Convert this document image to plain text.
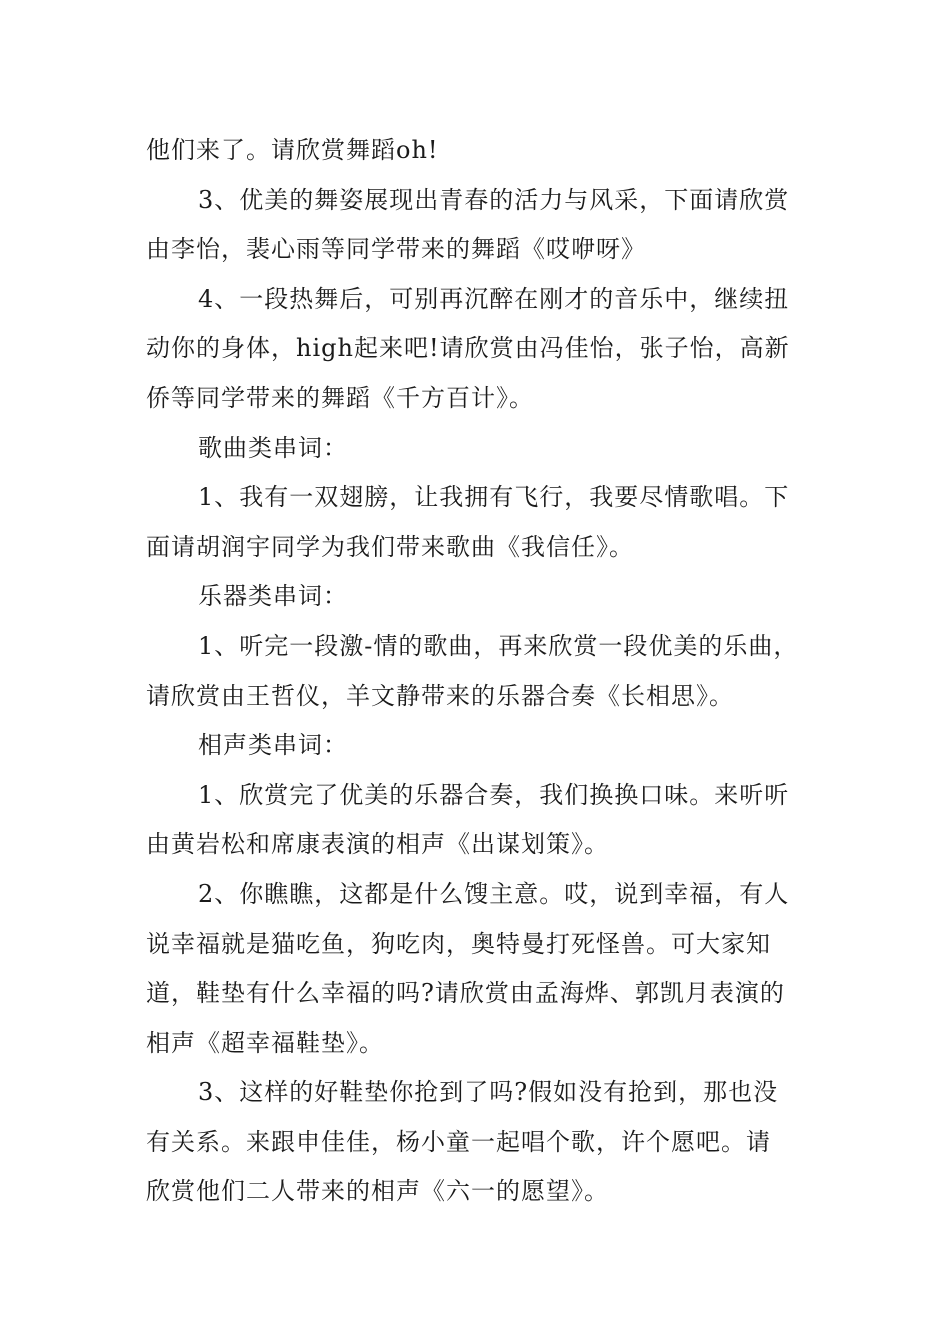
他们来了。请欣赏舞蹈oh!
3、优美的舞姿展现出青春的活力与风采，下面请欣赏
由李怡，裴心雨等同学带来的舞蹈《哎咿呀》
4、一段热舞后，可别再沉醉在刚才的音乐中，继续扭
动你的身体，high起来吧!请欣赏由冯佳怡，张子怡，高新
侨等同学带来的舞蹈《千方百计》。
歌曲类串词：
1、我有一双翅膀，让我拥有飞行，我要尽情歌唱。下
面请胡润宇同学为我们带来歌曲《我信任》。
乐器类串词：
1、听完一段激-情的歌曲，再来欣赏一段优美的乐曲，
请欣赏由王哲仪，羊文静带来的乐器合奏《长相思》。
相声类串词：
1、欣赏完了优美的乐器合奏，我们换换口味。来听听
由黄岩松和席康表演的相声《出谋划策》。
2、你瞧瞧，这都是什么馊主意。哎，说到幸福，有人
说幸福就是猫吃鱼，狗吃肉，奥特曼打死怪兽。可大家知
道，鞋垫有什么幸福的吗?请欣赏由孟海烨、郭凯月表演的
相声《超幸福鞋垫》。
3、这样的好鞋垫你抢到了吗?假如没有抢到，那也没
有关系。来跟申佳佳，杨小童一起唱个歌，许个愿吧。请
欣赏他们二人带来的相声《六一的愿望》。
